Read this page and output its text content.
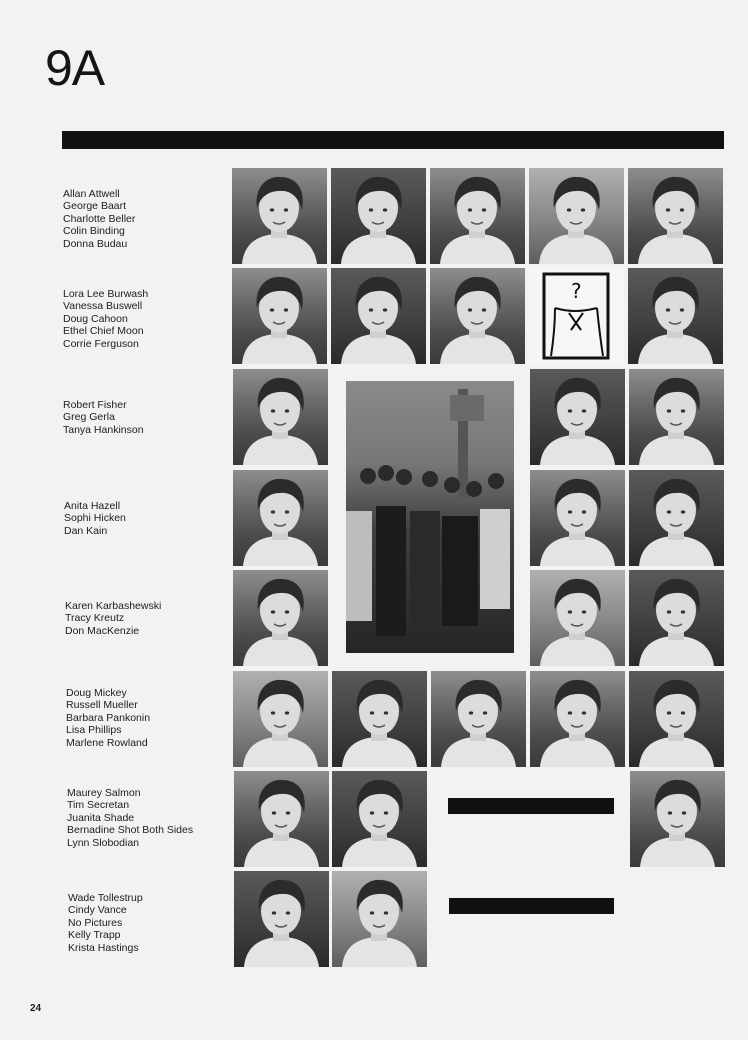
9A
Allan Attwell
George Baart
Charlotte Beller
Colin Binding
Donna Budau
Lora Lee Burwash
Vanessa Buswell
Doug Cahoon
Ethel Chief Moon
Corrie Ferguson
Robert Fisher
Greg Gerla
Tanya Hankinson
Anita Hazell
Sophi Hicken
Dan Kain
Karen Karbashewski
Tracy Kreutz
Don MacKenzie
Doug Mickey
Russell Mueller
Barbara Pankonin
Lisa Phillips
Marlene Rowland
Maurey Salmon
Tim Secretan
Juanita Shade
Bernadine Shot Both Sides
Lynn Slobodian
Wade Tollestrup
Cindy Vance
No Pictures
Kelly Trapp
Krista Hastings
?
24
